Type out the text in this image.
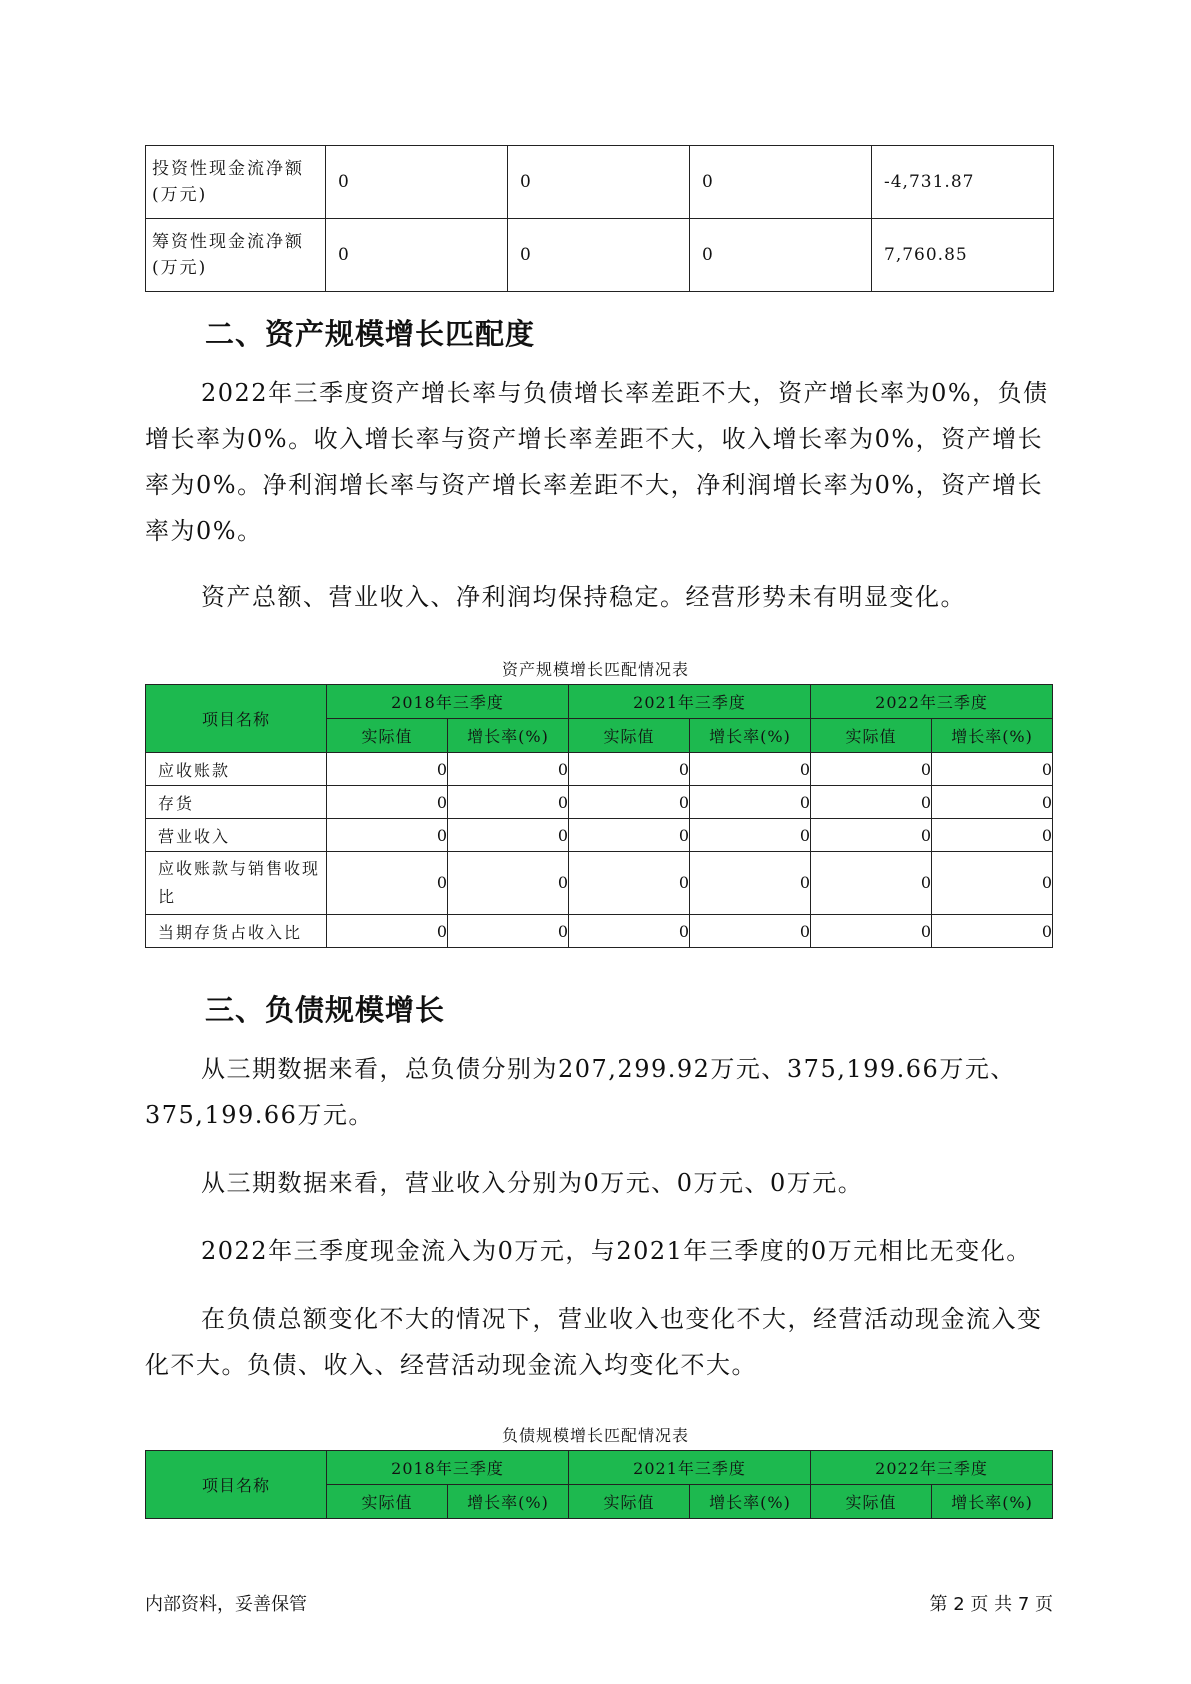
投资性现金流净额(万元)	0	0	0	-4,731.87
筹资性现金流净额(万元)	0	0	0	7,760.85
二、资产规模增长匹配度

2022年三季度资产增长率与负债增长率差距不大，资产增长率为0%，负债增长率为0%。收入增长率与资产增长率差距不大，收入增长率为0%，资产增长率为0%。净利润增长率与资产增长率差距不大，净利润增长率为0%，资产增长率为0%。

资产总额、营业收入、净利润均保持稳定。经营形势未有明显变化。

资产规模增长匹配情况表
项目名称	2018年三季度		2021年三季度		2022年三季度	
	实际值	增长率(%)	实际值	增长率(%)	实际值	增长率(%)
应收账款	0	0	0	0	0	0
存货	0	0	0	0	0	0
营业收入	0	0	0	0	0	0
应收账款与销售收现比	0	0	0	0	0	0
当期存货占收入比	0	0	0	0	0	0
三、负债规模增长

从三期数据来看，总负债分别为207,299.92万元、375,199.66万元、375,199.66万元。

从三期数据来看，营业收入分别为0万元、0万元、0万元。

2022年三季度现金流入为0万元，与2021年三季度的0万元相比无变化。

在负债总额变化不大的情况下，营业收入也变化不大，经营活动现金流入变化不大。负债、收入、经营活动现金流入均变化不大。

负债规模增长匹配情况表
项目名称	2018年三季度		2021年三季度		2022年三季度	
	实际值	增长率(%)	实际值	增长率(%)	实际值	增长率(%)
内部资料，妥善保管	第 2 页 共 7 页
